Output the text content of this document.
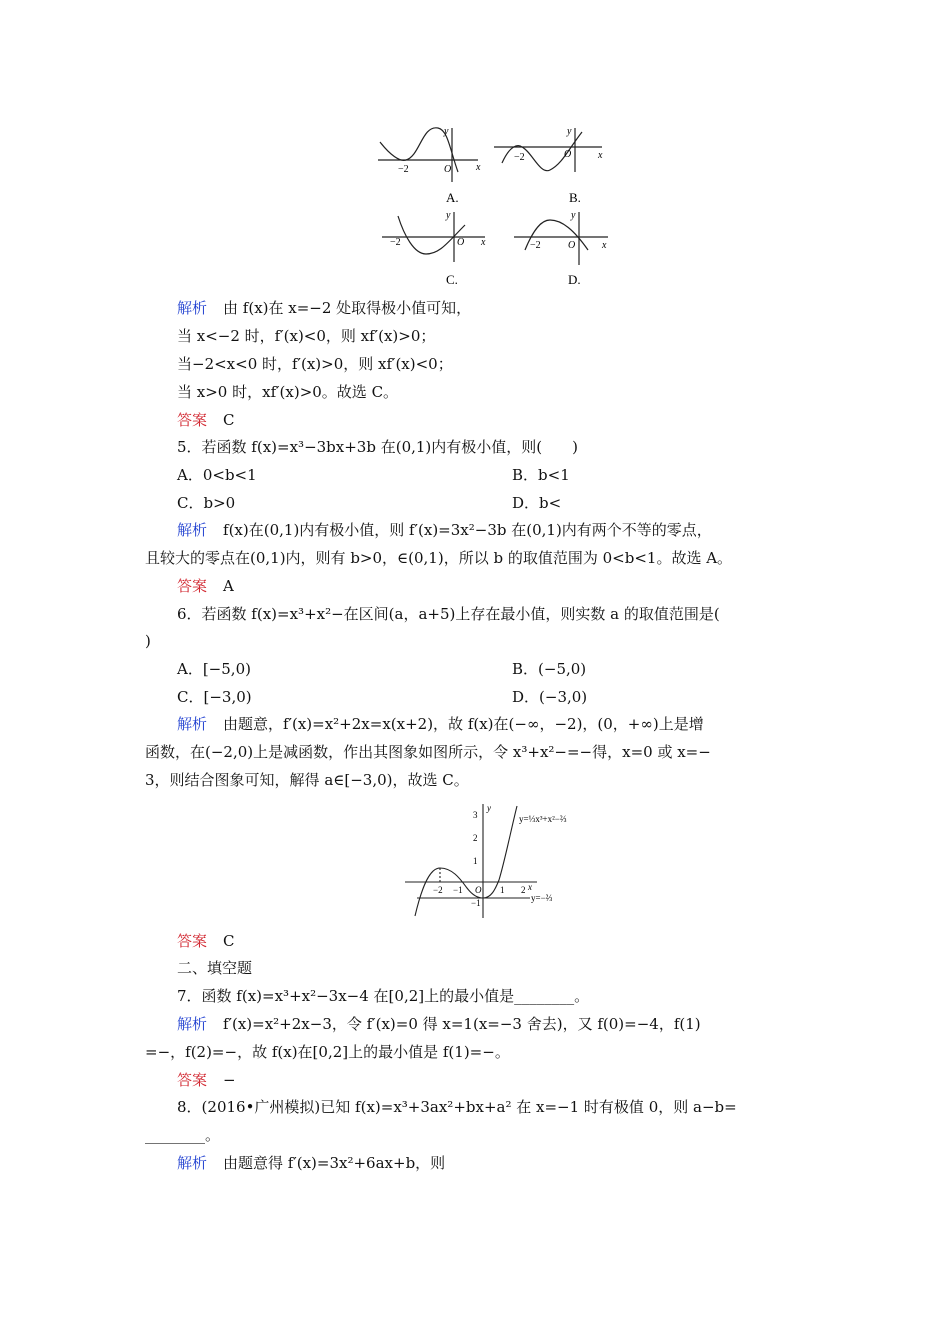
−2	O x
y
A.
−2	O	x
y
B.
−2	O x
y
C.
−2	O	x
y
D.
解析 由 f(x)在 x=−2 处取得极小值可知，
当 x<−2 时，f′(x)<0，则 xf′(x)>0；
当−2<x<0 时，f′(x)>0，则 xf′(x)<0；
当 x>0 时，xf′(x)>0。故选 C。
答案 C
5．若函数 f(x)=x³−3bx+3b 在(0,1)内有极小值，则(　　)
A．0<b<1	B．b<1
C．b>0	D．b<
解析 f(x)在(0,1)内有极小值，则 f′(x)=3x²−3b 在(0,1)内有两个不等的零点，
且较大的零点在(0,1)内，则有 b>0，∈(0,1)，所以 b 的取值范围为 0<b<1。故选 A。
答案 A
6．若函数 f(x)=x³+x²−在区间(a，a+5)上存在最小值，则实数 a 的取值范围是(
)
A．[−5,0)	B．(−5,0)
C．[−3,0)	D．(−3,0)
解析 由题意，f′(x)=x²+2x=x(x+2)，故 f(x)在(−∞，−2)，(0，+∞)上是增
函数，在(−2,0)上是减函数，作出其图象如图所示，令 x³+x²−=−得，x=0 或 x=−
3，则结合图象可知，解得 a∈[−3,0)，故选 C。
3
2
1
−1
−2 −1	1 2
O	x
y
y=⅓x³+x²−⅔
y=−⅔
答案 C
二、填空题
7．函数 f(x)=x³+x²−3x−4 在[0,2]上的最小值是________。
解析 f′(x)=x²+2x−3，令 f′(x)=0 得 x=1(x=−3 舍去)，又 f(0)=−4，f(1)
=−，f(2)=−，故 f(x)在[0,2]上的最小值是 f(1)=−。
答案 −
8．(2016•广州模拟)已知 f(x)=x³+3ax²+bx+a² 在 x=−1 时有极值 0，则 a−b=
________。
解析 由题意得 f′(x)=3x²+6ax+b，则
